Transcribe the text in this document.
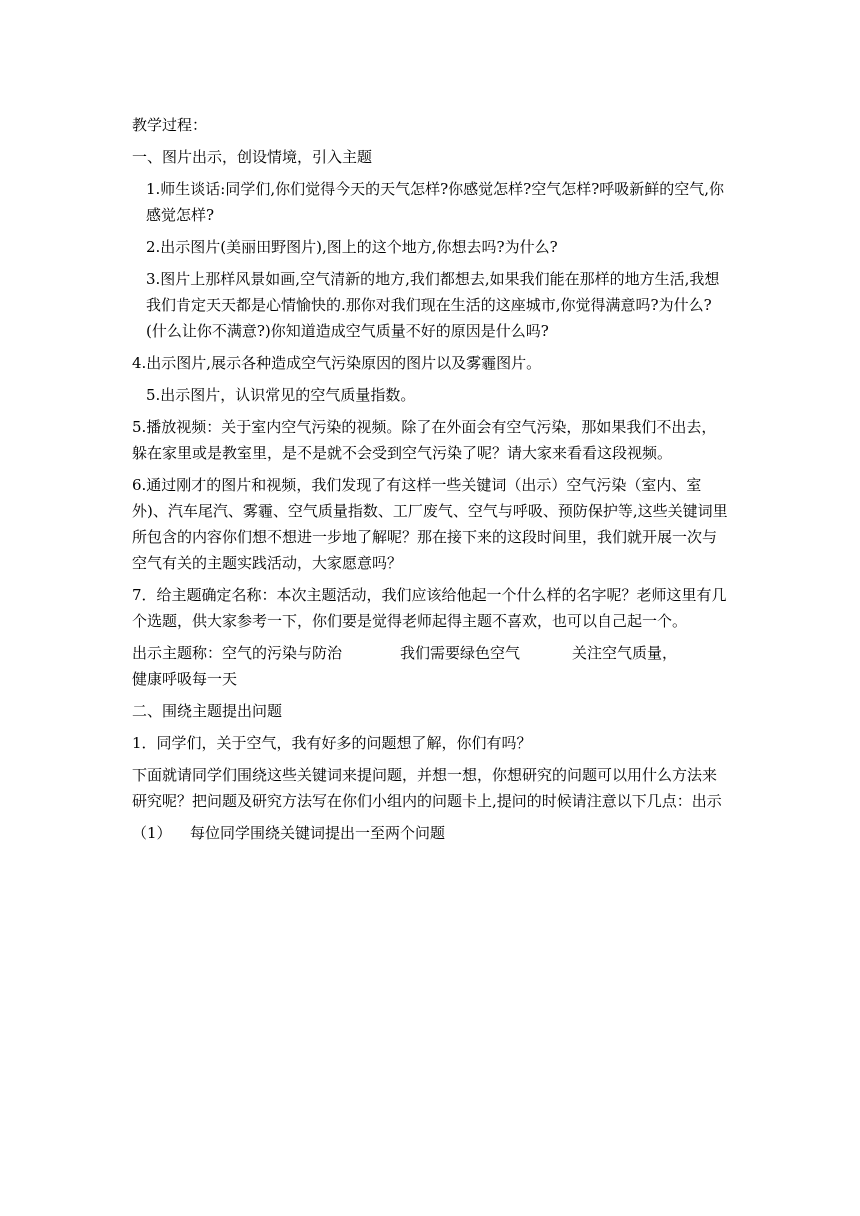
教学过程：

一、图片出示，创设情境，引入主题

1.师生谈话:同学们,你们觉得今天的天气怎样?你感觉怎样?空气怎样?呼吸新鲜的空气,你感觉怎样?

2.出示图片(美丽田野图片),图上的这个地方,你想去吗?为什么?

3.图片上那样风景如画,空气清新的地方,我们都想去,如果我们能在那样的地方生活,我想我们肯定天天都是心情愉快的.那你对我们现在生活的这座城市,你觉得满意吗?为什么?(什么让你不满意?)你知道造成空气质量不好的原因是什么吗?

4.出示图片,展示各种造成空气污染原因的图片以及雾霾图片。

5.出示图片，认识常见的空气质量指数。

5.播放视频：关于室内空气污染的视频。除了在外面会有空气污染，那如果我们不出去，躲在家里或是教室里，是不是就不会受到空气污染了呢？请大家来看看这段视频。

6.通过刚才的图片和视频，我们发现了有这样一些关键词（出示）空气污染（室内、室外)、汽车尾汽、雾霾、空气质量指数、工厂废气、空气与呼吸、预防保护等,这些关键词里所包含的内容你们想不想进一步地了解呢？那在接下来的这段时间里，我们就开展一次与空气有关的主题实践活动，大家愿意吗？

7．给主题确定名称：本次主题活动，我们应该给他起一个什么样的名字呢？老师这里有几个选题，供大家参考一下，你们要是觉得老师起得主题不喜欢，也可以自己起一个。

出示主题称：空气的污染与防治	我们需要绿色空气	关注空气质量，
健康呼吸每一天

二、围绕主题提出问题

1．同学们，关于空气，我有好多的问题想了解，你们有吗？

下面就请同学们围绕这些关键词来提问题，并想一想，你想研究的问题可以用什么方法来研究呢？把问题及研究方法写在你们小组内的问题卡上,提问的时候请注意以下几点：出示

（1） 每位同学围绕关键词提出一至两个问题
